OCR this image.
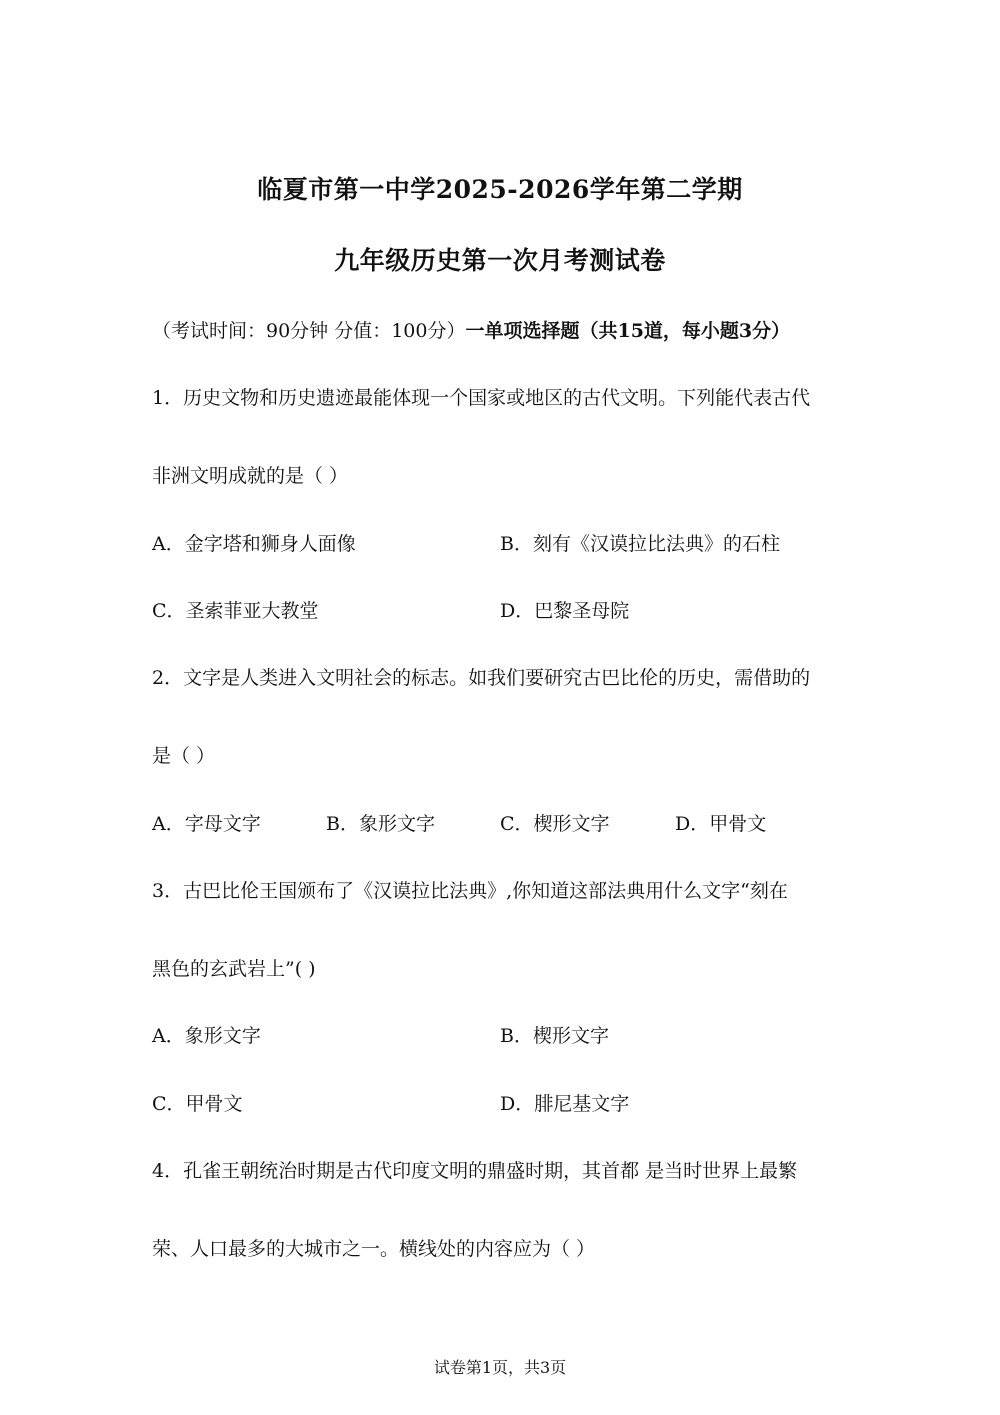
临夏市第一中学2025-2026学年第二学期
九年级历史第一次月考测试卷
（考试时间：90分钟 分值：100分）一单项选择题（共15道，每小题3分）
1．历史文物和历史遗迹最能体现一个国家或地区的古代文明。下列能代表古代
非洲文明成就的是（ ）
A．金字塔和狮身人面像	B．刻有《汉谟拉比法典》的石柱
C．圣索菲亚大教堂	D．巴黎圣母院
2．文字是人类进入文明社会的标志。如我们要研究古巴比伦的历史，需借助的
是（ ）
A．字母文字	B．象形文字	C．楔形文字	D．甲骨文
3．古巴比伦王国颁布了《汉谟拉比法典》,你知道这部法典用什么文字“刻在
黑色的玄武岩上”( )
A．象形文字	B．楔形文字
C．甲骨文	D．腓尼基文字
4．孔雀王朝统治时期是古代印度文明的鼎盛时期，其首都 是当时世界上最繁
荣、人口最多的大城市之一。横线处的内容应为（ ）
试卷第1页，共3页
